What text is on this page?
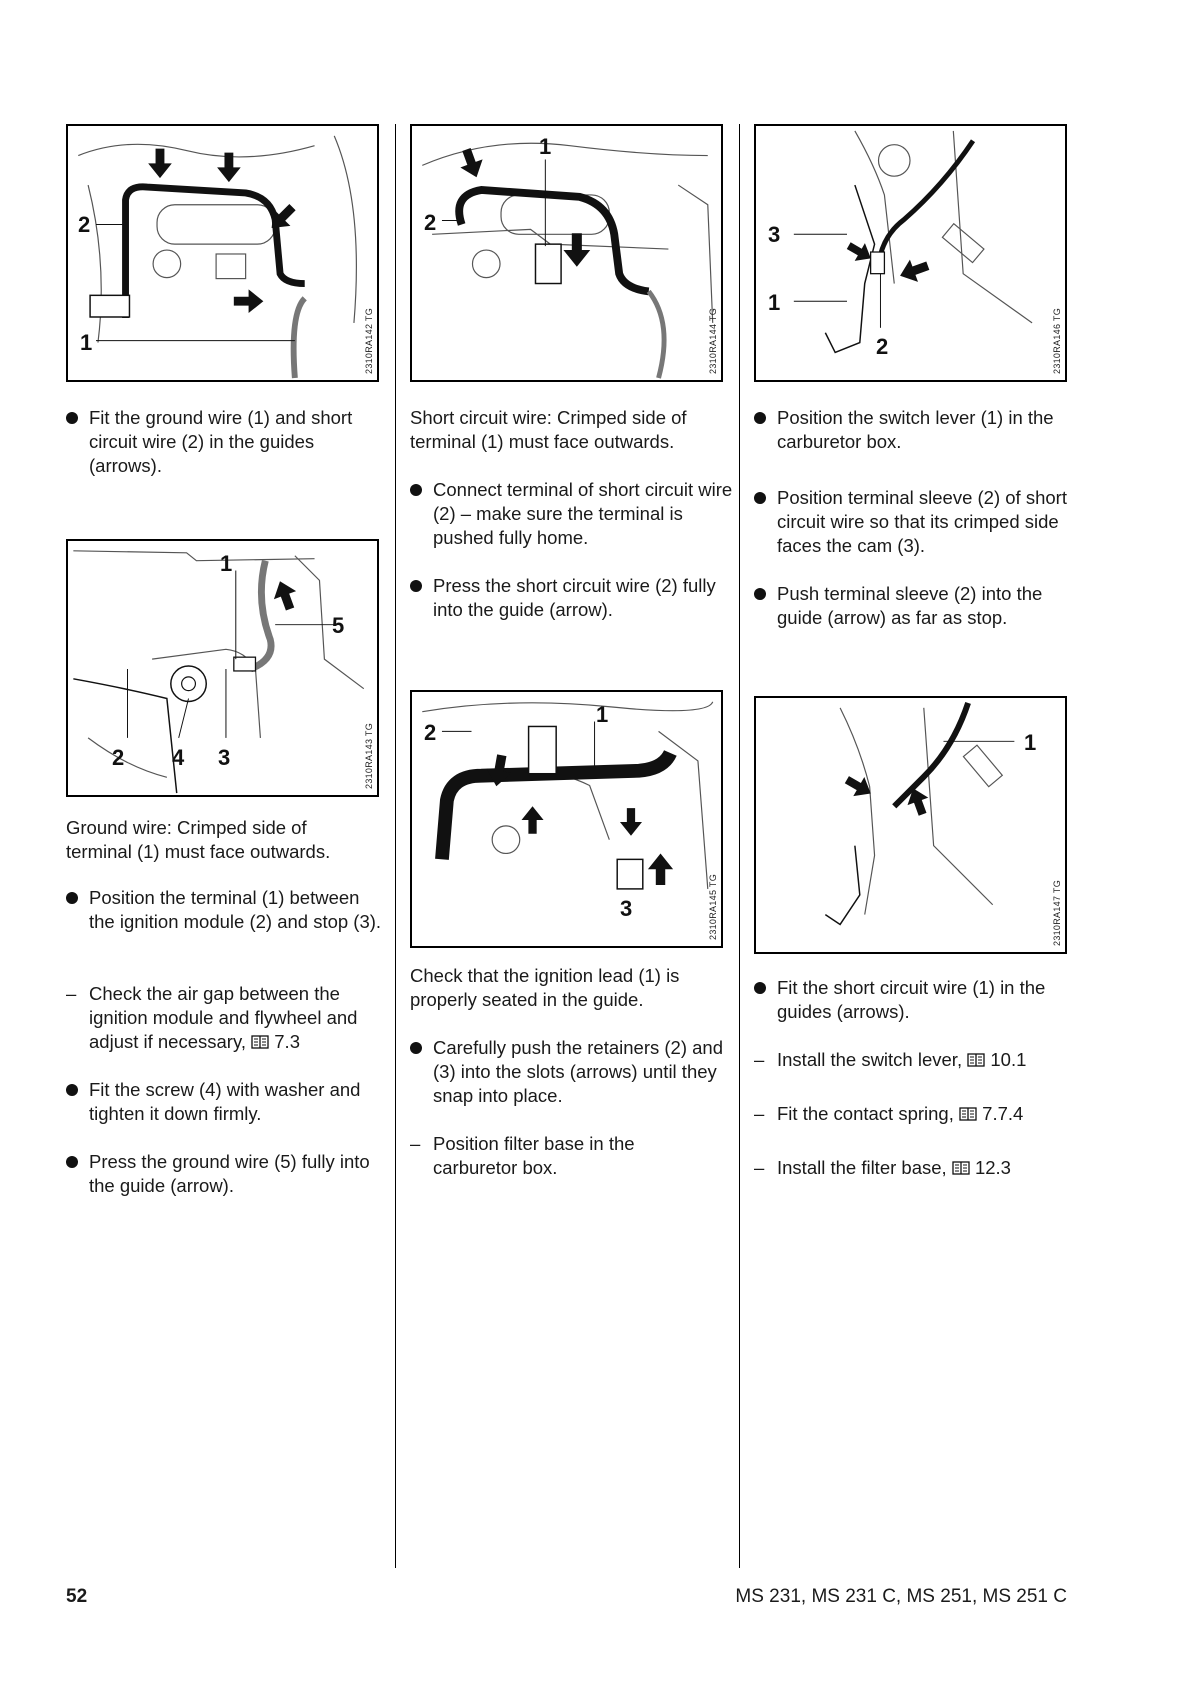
2
1	2310RA142 TG
Fit the ground wire (1) and short circuit wire (2) in the guides (arrows).
1
5
2 4 3	2310RA143 TG
Ground wire: Crimped side of terminal (1) must face outwards.
Position the terminal (1) between the ignition module (2) and stop (3).
– Check the air gap between the ignition module and flywheel and adjust if necessary, 7.3
Fit the screw (4) with washer and tighten it down firmly.
Press the ground wire (5) fully into the guide (arrow).
1
2
2310RA144 TG
Short circuit wire: Crimped side of terminal (1) must face outwards.
Connect terminal of short circuit wire (2) – make sure the terminal is pushed fully home.
Press the short circuit wire (2) fully into the guide (arrow).
1
2
3	2310RA145 TG
Check that the ignition lead (1) is properly seated in the guide.
Carefully push the retainers (2) and (3) into the slots (arrows) until they snap into place.
– Position filter base in the carburetor box.
3
1
2	2310RA146 TG
Position the switch lever (1) in the carburetor box.
Position terminal sleeve (2) of short circuit wire so that its crimped side faces the cam (3).
Push terminal sleeve (2) into the guide (arrow) as far as stop.
1
2310RA147 TG
Fit the short circuit wire (1) in the guides (arrows).
– Install the switch lever, 10.1
– Fit the contact spring, 7.7.4
– Install the filter base, 12.3
52	MS 231, MS 231 C, MS 251, MS 251 C
